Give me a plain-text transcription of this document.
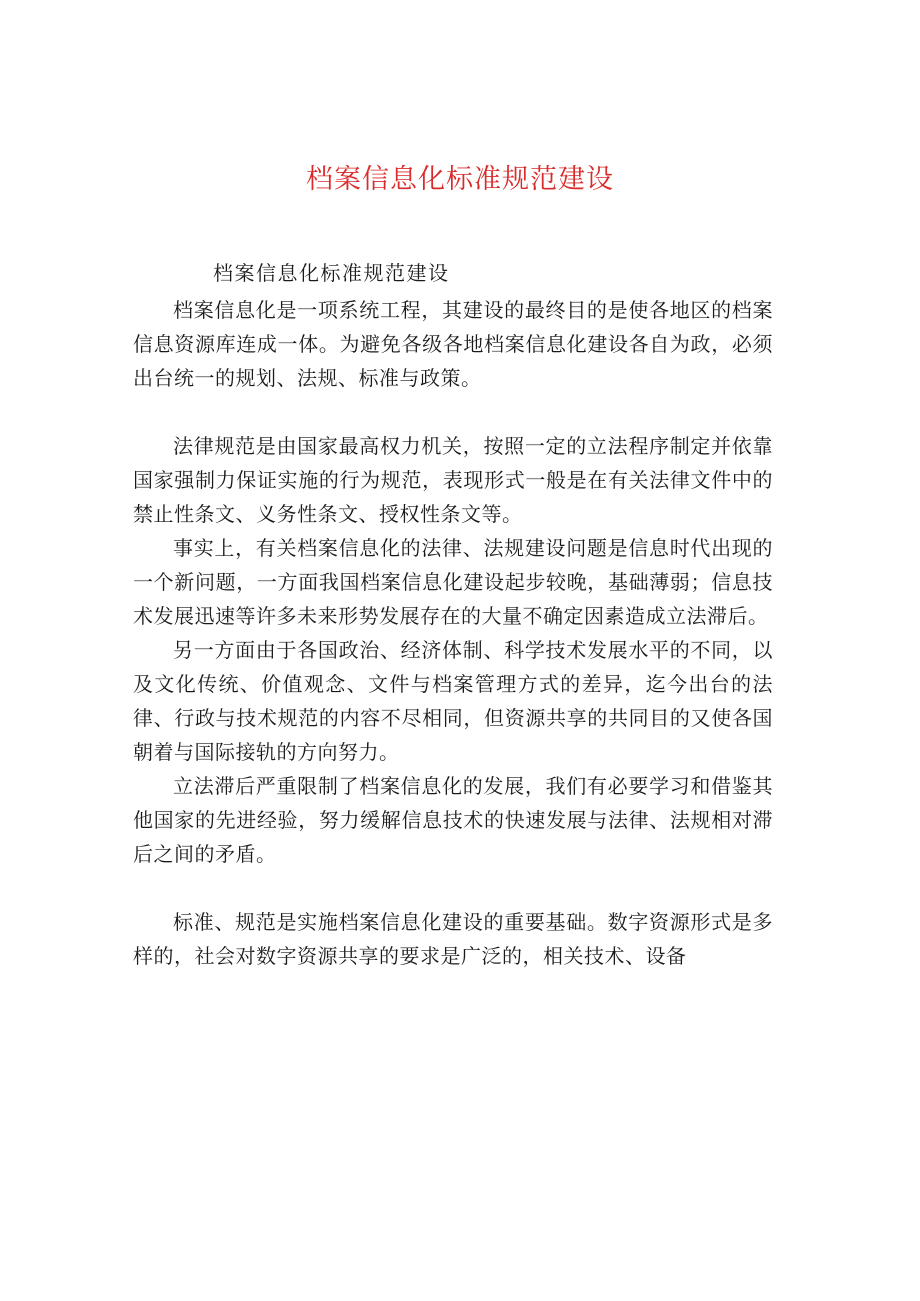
档案信息化标准规范建设

档案信息化标准规范建设

档案信息化是一项系统工程，其建设的最终目的是使各地区的档案信息资源库连成一体。为避免各级各地档案信息化建设各自为政，必须出台统一的规划、法规、标准与政策。

法律规范是由国家最高权力机关，按照一定的立法程序制定并依靠国家强制力保证实施的行为规范，表现形式一般是在有关法律文件中的禁止性条文、义务性条文、授权性条文等。

事实上，有关档案信息化的法律、法规建设问题是信息时代出现的一个新问题，一方面我国档案信息化建设起步较晚，基础薄弱；信息技术发展迅速等许多未来形势发展存在的大量不确定因素造成立法滞后。

另一方面由于各国政治、经济体制、科学技术发展水平的不同，以及文化传统、价值观念、文件与档案管理方式的差异，迄今出台的法律、行政与技术规范的内容不尽相同，但资源共享的共同目的又使各国朝着与国际接轨的方向努力。

立法滞后严重限制了档案信息化的发展，我们有必要学习和借鉴其他国家的先进经验，努力缓解信息技术的快速发展与法律、法规相对滞后之间的矛盾。

标准、规范是实施档案信息化建设的重要基础。数字资源形式是多样的，社会对数字资源共享的要求是广泛的，相关技术、设备
